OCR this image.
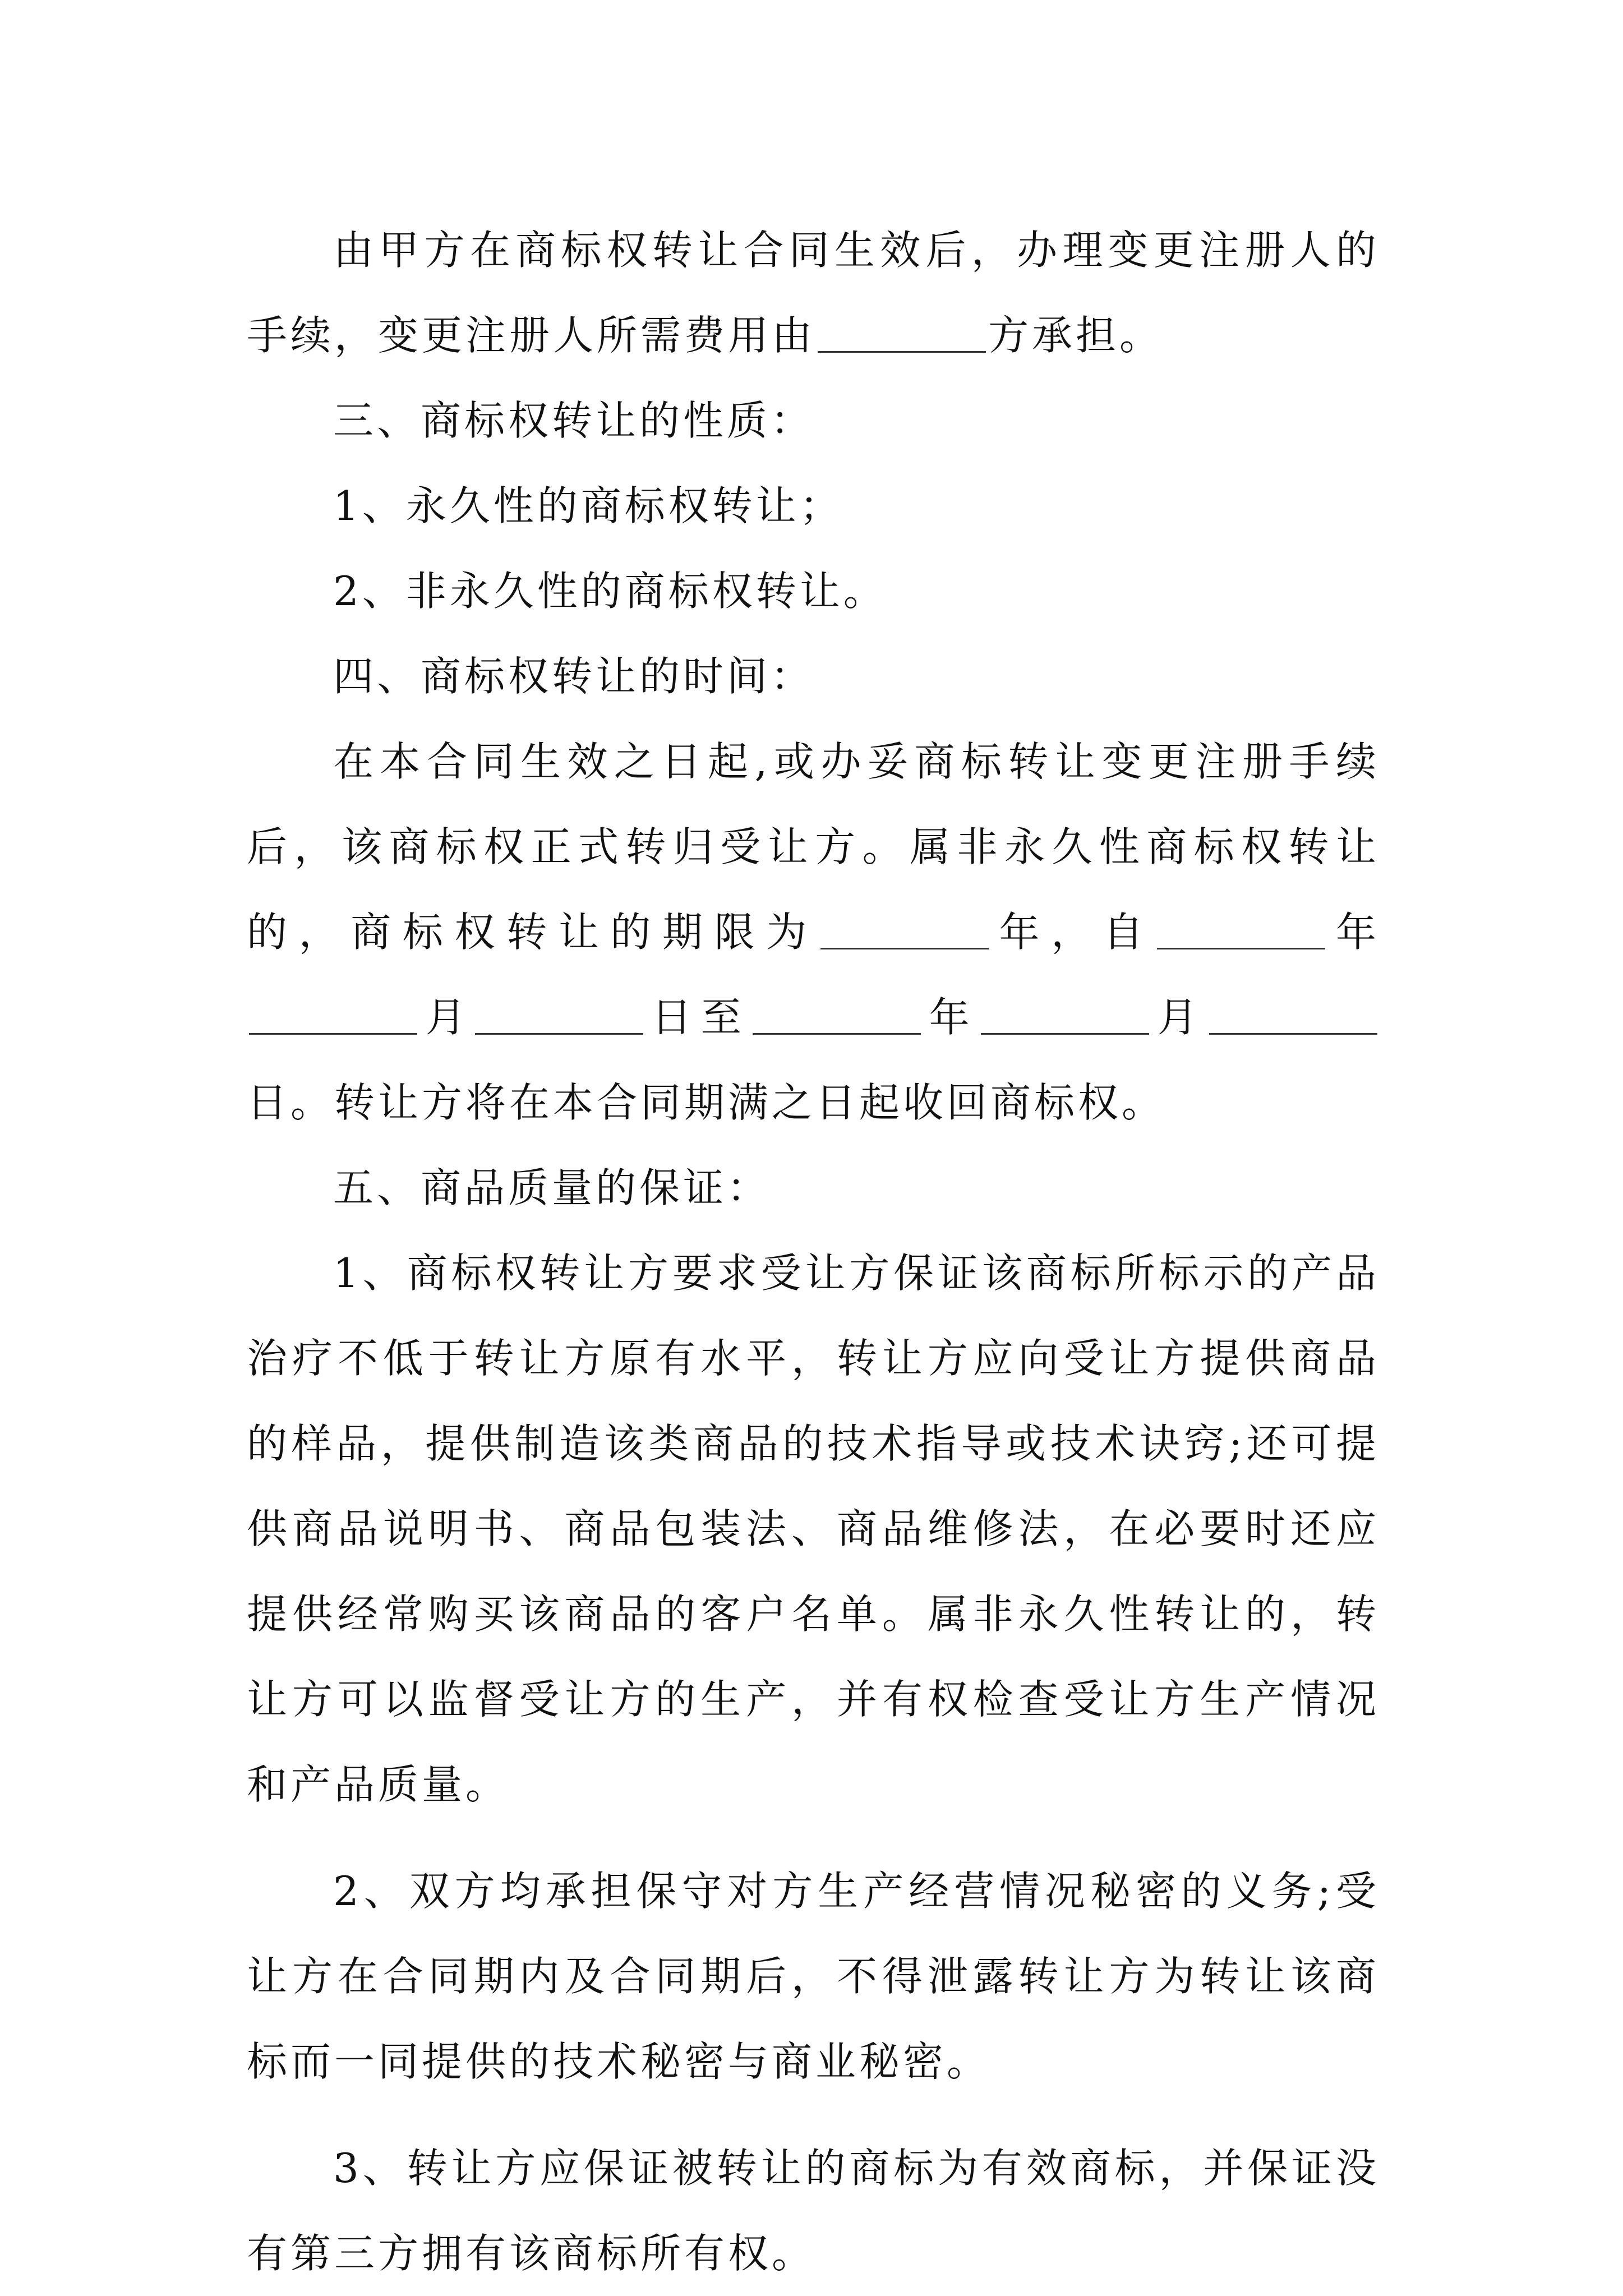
由甲方在商标权转让合同生效后，办理变更注册人的手续，变更注册人所需费用由	方承担。

三、商标权转让的性质：

1、永久性的商标权转让；

2、非永久性的商标权转让。

四、商标权转让的时间：

在本合同生效之日起,或办妥商标转让变更注册手续后，该商标权正式转归受让方。属非永久性商标权转让的，商标权转让的期限为	年，自	年月	日至	年	月日。转让方将在本合同期满之日起收回商标权。

五、商品质量的保证：

1、商标权转让方要求受让方保证该商标所标示的产品治疗不低于转让方原有水平，转让方应向受让方提供商品的样品，提供制造该类商品的技术指导或技术诀窍;还可提供商品说明书、商品包装法、商品维修法，在必要时还应提供经常购买该商品的客户名单。属非永久性转让的，转让方可以监督受让方的生产，并有权检查受让方生产情况和产品质量。

2、双方均承担保守对方生产经营情况秘密的义务;受让方在合同期内及合同期后，不得泄露转让方为转让该商标而一同提供的技术秘密与商业秘密。

3、转让方应保证被转让的商标为有效商标，并保证没有第三方拥有该商标所有权。
